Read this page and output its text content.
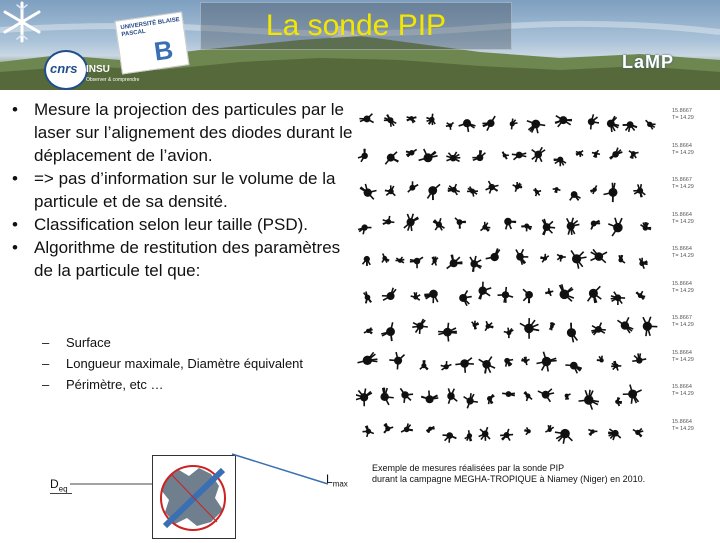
cnrs INSU
Observer & comprendre
UNIVERSITÉ BLAISE PASCAL
B
La sonde PIP
LaMP
• Mesure la projection des particules par le laser sur l’alignement des diodes durant le déplacement de l’avion.
• => pas d’information sur le volume de la particule et de sa densité.
• Classification selon leur taille (PSD).
• Algorithme de restitution des paramètres de la particule tel que:
– Surface
– Longueur maximale, Diamètre équivalent
– Périmètre, etc …
15.8667
T= 14.29
15.8664
T= 14.29
15.8667
T= 14.29
15.8664
T= 14.29
15.8664
T= 14.29
15.8664
T= 14.29
15.8667
T= 14.29
15.8664
T= 14.29
15.8664
T= 14.29
15.8664
T= 14.29
$D_{eq}$
$L_{max}$
Exemple de mesures réalisées par la sonde PIP
durant la campagne MEGHA-TROPIQUE à Niamey (Niger) en 2010.
